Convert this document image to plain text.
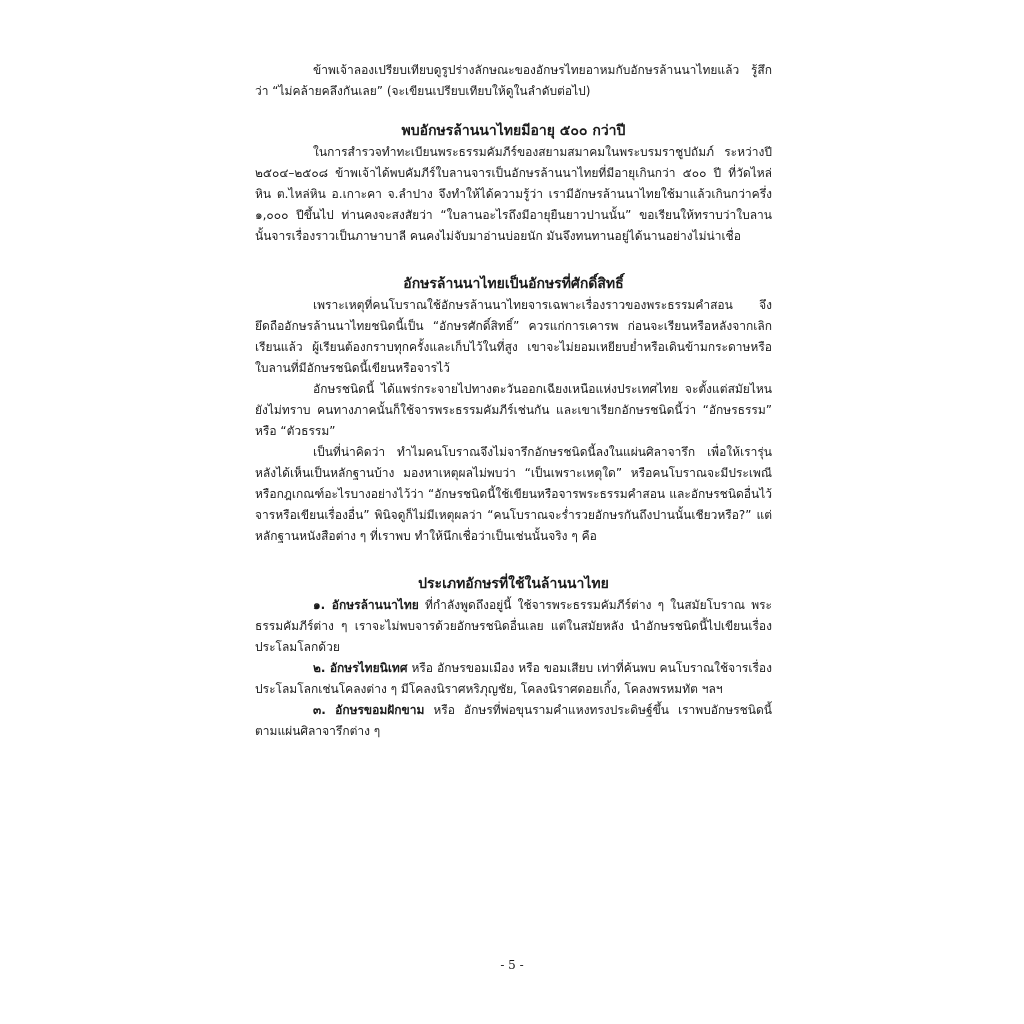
ข้าพเจ้าลองเปรียบเทียบดูรูปร่างลักษณะของอักษรไทยอาหมกับอักษรล้านนาไทยแล้ว รู้สึกว่า “ไม่คล้ายคลึงกันเลย” (จะเขียนเปรียบเทียบให้ดูในลำดับต่อไป)

พบอักษรล้านนาไทยมีอายุ ๕๐๐ กว่าปี

ในการสำรวจทำทะเบียนพระธรรมคัมภีร์ของสยามสมาคมในพระบรมราชูปถัมภ์ ระหว่างปี ๒๕๐๔–๒๕๐๘ ข้าพเจ้าได้พบคัมภีร์ใบลานจารเป็นอักษรล้านนาไทยที่มีอายุเกินกว่า ๕๐๐ ปี ที่วัดไหล่หิน ต.ไหล่หิน อ.เกาะคา จ.ลำปาง จึงทำให้ได้ความรู้ว่า เรามีอักษรล้านนาไทยใช้มาแล้วเกินกว่าครึ่ง ๑,๐๐๐ ปีขึ้นไป ท่านคงจะสงสัยว่า “ใบลานอะไรถึงมีอายุยืนยาวปานนั้น” ขอเรียนให้ทราบว่าใบลานนั้นจารเรื่องราวเป็นภาษาบาลี คนคงไม่จับมาอ่านบ่อยนัก มันจึงทนทานอยู่ได้นานอย่างไม่น่าเชื่อ

อักษรล้านนาไทยเป็นอักษรที่ศักดิ์สิทธิ์

เพราะเหตุที่คนโบราณใช้อักษรล้านนาไทยจารเฉพาะเรื่องราวของพระธรรมคำสอน จึงยึดถืออักษรล้านนาไทยชนิดนี้เป็น “อักษรศักดิ์สิทธิ์” ควรแก่การเคารพ ก่อนจะเรียนหรือหลังจากเลิกเรียนแล้ว ผู้เรียนต้องกราบทุกครั้งและเก็บไว้ในที่สูง เขาจะไม่ยอมเหยียบย่ำหรือเดินข้ามกระดาษหรือใบลานที่มีอักษรชนิดนี้เขียนหรือจารไว้

อักษรชนิดนี้ ได้แพร่กระจายไปทางตะวันออกเฉียงเหนือแห่งประเทศไทย จะตั้งแต่สมัยไหนยังไม่ทราบ คนทางภาคนั้นก็ใช้จารพระธรรมคัมภีร์เช่นกัน และเขาเรียกอักษรชนิดนี้ว่า “อักษรธรรม” หรือ “ตัวธรรม”

เป็นที่น่าคิดว่า ทำไมคนโบราณจึงไม่จารึกอักษรชนิดนี้ลงในแผ่นศิลาจารึก เพื่อให้เรารุ่นหลังได้เห็นเป็นหลักฐานบ้าง มองหาเหตุผลไม่พบว่า “เป็นเพราะเหตุใด” หรือคนโบราณจะมีประเพณีหรือกฎเกณฑ์อะไรบางอย่างไว้ว่า “อักษรชนิดนี้ใช้เขียนหรือจารพระธรรมคำสอน และอักษรชนิดอื่นไว้จารหรือเขียนเรื่องอื่น” พินิจดูก็ไม่มีเหตุผลว่า “คนโบราณจะร่ำรวยอักษรกันถึงปานนั้นเชียวหรือ?” แต่หลักฐานหนังสือต่าง ๆ ที่เราพบ ทำให้นึกเชื่อว่าเป็นเช่นนั้นจริง ๆ คือ

ประเภทอักษรที่ใช้ในล้านนาไทย

๑. อักษรล้านนาไทย ที่กำลังพูดถึงอยู่นี้ ใช้จารพระธรรมคัมภีร์ต่าง ๆ ในสมัยโบราณ พระธรรมคัมภีร์ต่าง ๆ เราจะไม่พบจารด้วยอักษรชนิดอื่นเลย แต่ในสมัยหลัง นำอักษรชนิดนี้ไปเขียนเรื่องประโลมโลกด้วย

๒. อักษรไทยนิเทศ หรือ อักษรขอมเมือง หรือ ขอมเสียบ เท่าที่ค้นพบ คนโบราณใช้จารเรื่องประโลมโลกเช่นโคลงต่าง ๆ มีโคลงนิราศหริภุญชัย, โคลงนิราศดอยเกิ้ง, โคลงพรหมทัต ฯลฯ

๓. อักษรขอมฝักขาม หรือ อักษรที่พ่อขุนรามคำแหงทรงประดิษฐ์ขึ้น เราพบอักษรชนิดนี้ตามแผ่นศิลาจารึกต่าง ๆ

- 5 -
